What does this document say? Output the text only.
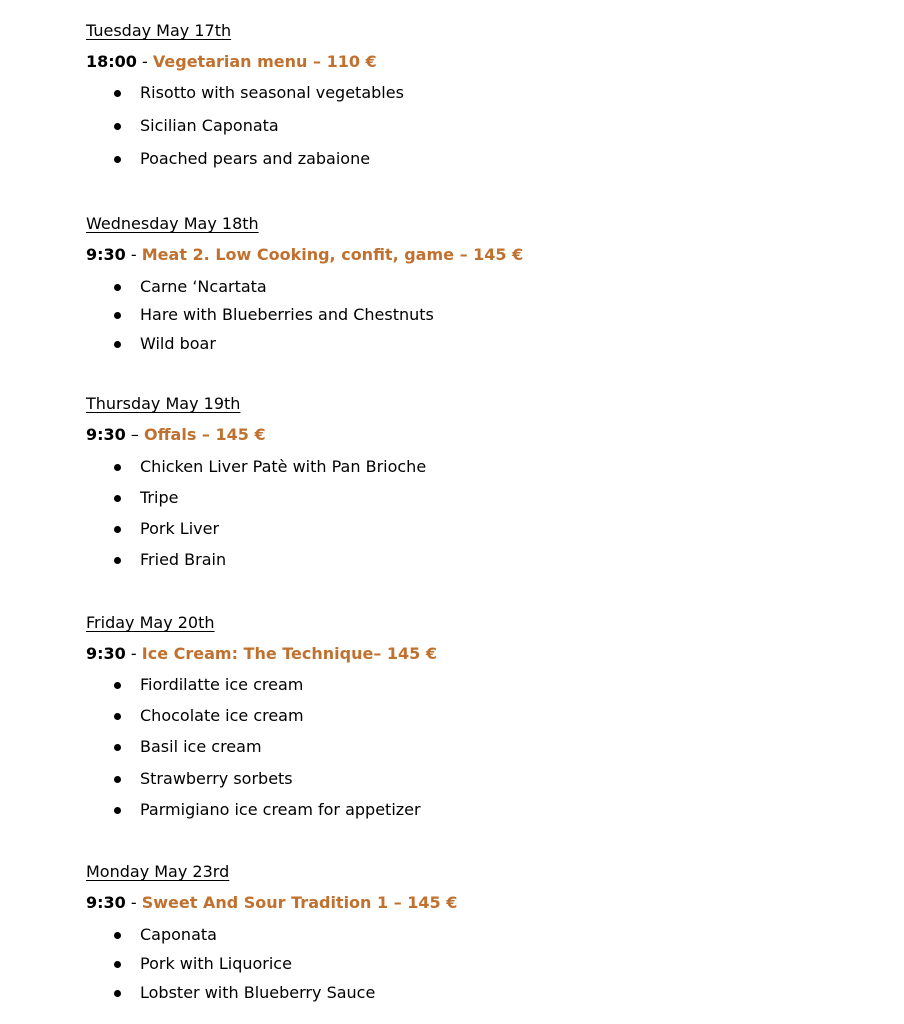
Tuesday May 17th
18:00 - Vegetarian menu – 110 €
Risotto with seasonal vegetables
Sicilian Caponata
Poached pears and zabaione
Wednesday May 18th
9:30 - Meat 2. Low Cooking, confit, game – 145 €
Carne ‘Ncartata
Hare with Blueberries and Chestnuts
Wild boar
Thursday May 19th
9:30 – Offals – 145 €
Chicken Liver Patè with Pan Brioche
Tripe
Pork Liver
Fried Brain
Friday May 20th
9:30 - Ice Cream: The Technique– 145 €
Fiordilatte ice cream
Chocolate ice cream
Basil ice cream
Strawberry sorbets
Parmigiano ice cream for appetizer
Monday May 23rd
9:30 - Sweet And Sour Tradition 1 – 145 €
Caponata
Pork with Liquorice
Lobster with Blueberry Sauce
